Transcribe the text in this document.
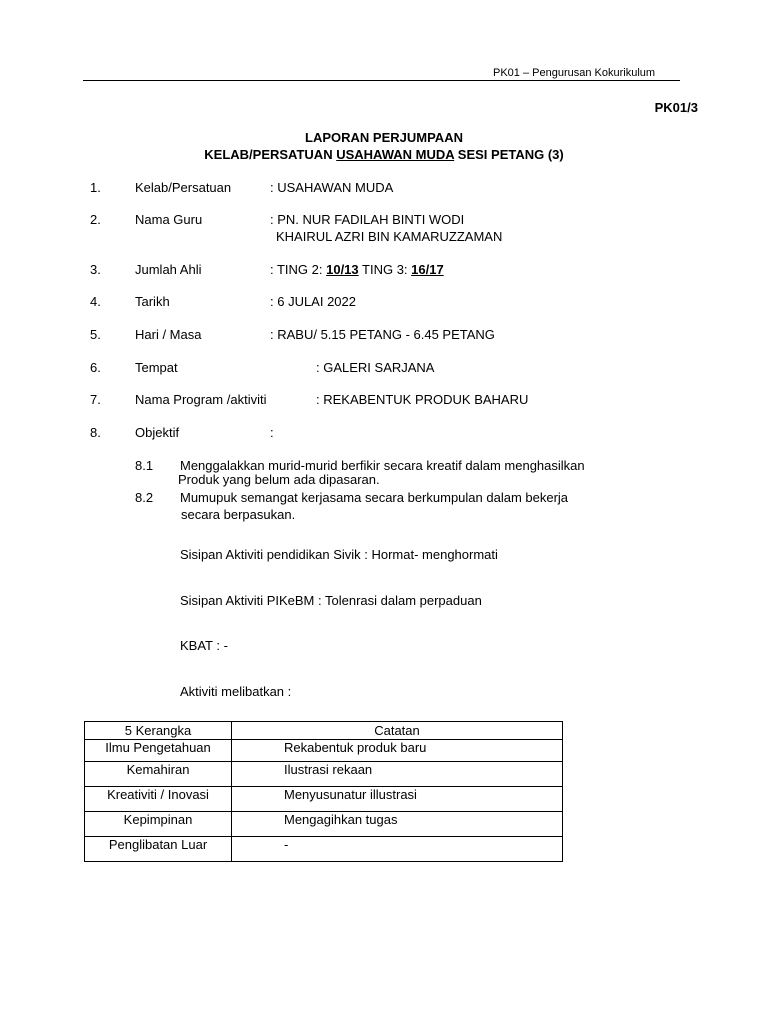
PK01 – Pengurusan Kokurikulum
PK01/3
LAPORAN PERJUMPAAN
KELAB/PERSATUAN USAHAWAN MUDA SESI PETANG (3)
1.	Kelab/Persatuan	: USAHAWAN MUDA
2.	Nama Guru	: PN. NUR FADILAH BINTI WODI
KHAIRUL AZRI BIN KAMARUZZAMAN
3.	Jumlah Ahli	: TING 2: 10/13 TING 3: 16/17
4.	Tarikh	: 6 JULAI 2022
5.	Hari / Masa	: RABU/ 5.15 PETANG - 6.45 PETANG
6.	Tempat	: GALERI SARJANA
7.	Nama Program /aktiviti	: REKABENTUK PRODUK BAHARU
8.	Objektif	:
8.1 Menggalakkan murid-murid berfikir secara kreatif dalam menghasilkan
Produk yang belum ada dipasaran.
8.2 Mumupuk semangat kerjasama secara berkumpulan dalam bekerja
secara berpasukan.
Sisipan Aktiviti pendidikan Sivik : Hormat- menghormati
Sisipan Aktiviti PIKeBM : Tolenrasi dalam perpaduan
KBAT : -
Aktiviti melibatkan :
5 Kerangka	Catatan
Ilmu Pengetahuan	Rekabentuk produk baru
Kemahiran	Ilustrasi rekaan
Kreativiti / Inovasi	Menyusunatur illustrasi
Kepimpinan	Mengagihkan tugas
Penglibatan Luar	-
